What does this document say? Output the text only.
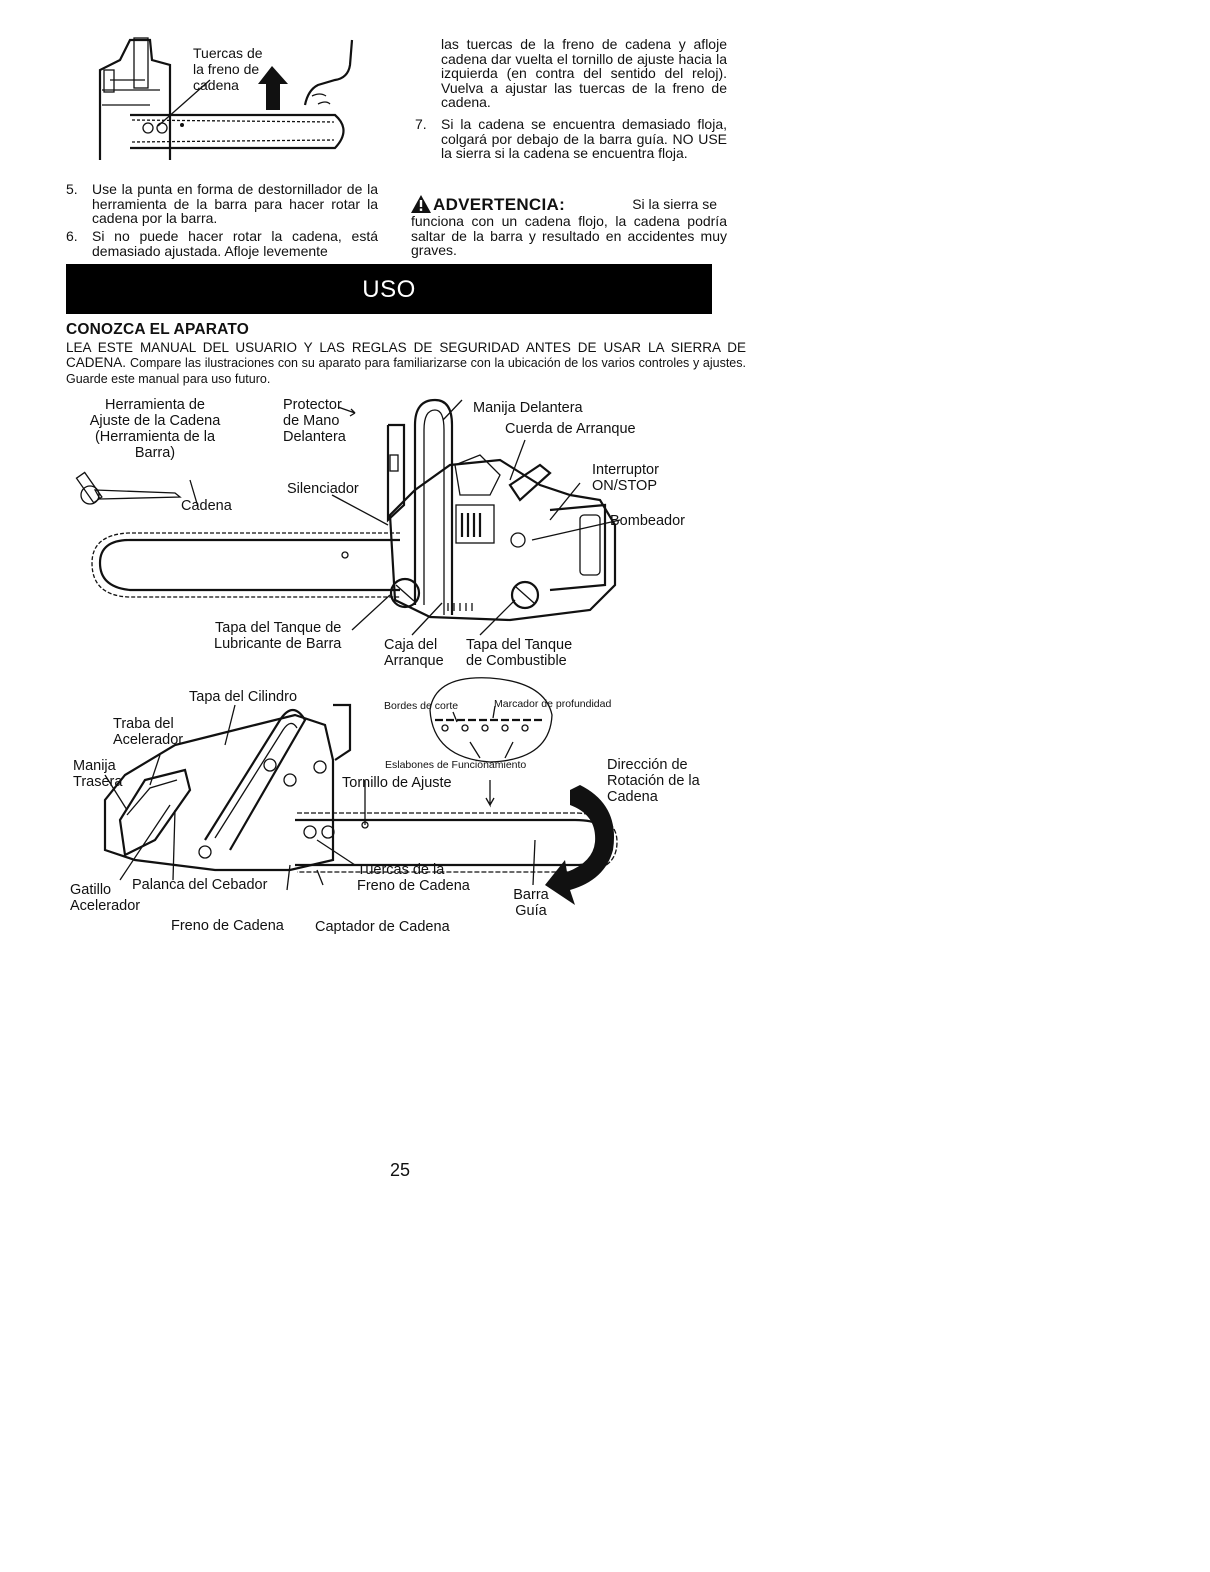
Tuercas de
la freno de
cadena
5.	Use la punta en forma de destornillador de la herramienta de la barra para hacer rotar la cadena por la barra.
6.	Si no puede hacer rotar la cadena, está demasiado ajustada. Afloje levemente
las tuercas de la freno de cadena y afloje cadena dar vuelta el tornillo de ajuste hacia la izquierda (en contra del sentido del reloj). Vuelva a ajustar las tuercas de la freno de cadena.
7.	Si la cadena se encuentra demasiado floja, colgará por debajo de la barra guía. NO USE la sierra si la cadena se encuentra floja.
ADVERTENCIA:	Si la sierra se
funciona con un cadena flojo, la cadena podría saltar de la barra y resultado en accidentes muy graves.
USO
CONOZCA EL APARATO
LEA ESTE MANUAL DEL USUARIO Y LAS REGLAS DE SEGURIDAD ANTES DE USAR LA SIERRA DE CADENA. Compare las ilustraciones con su aparato para familiarizarse con la ubicación de los varios controles y ajustes. Guarde este manual para uso futuro.
Herramienta de
Ajuste de la Cadena
(Herramienta de la
Barra)
Protector
de Mano
Delantera
Manija Delantera
Cuerda de Arranque
Interruptor
ON/STOP
Bombeador
Silenciador
Cadena
Tapa del Tanque de
Lubricante de Barra	Caja del
Arranque
Tapa del Tanque
de Combustible
Tapa del Cilindro
Traba del
Acelerador
Manija
Trasera
Bordes de corte	Marcador de profundidad
Eslabones de Funcionamiento
Tornillo de Ajuste
Dirección de
Rotación de la
Cadena
Tuercas de la
Freno de Cadena
Gatillo
Acelerador
Palanca del Cebador
Barra
Guía
Freno de Cadena Captador de Cadena
25
